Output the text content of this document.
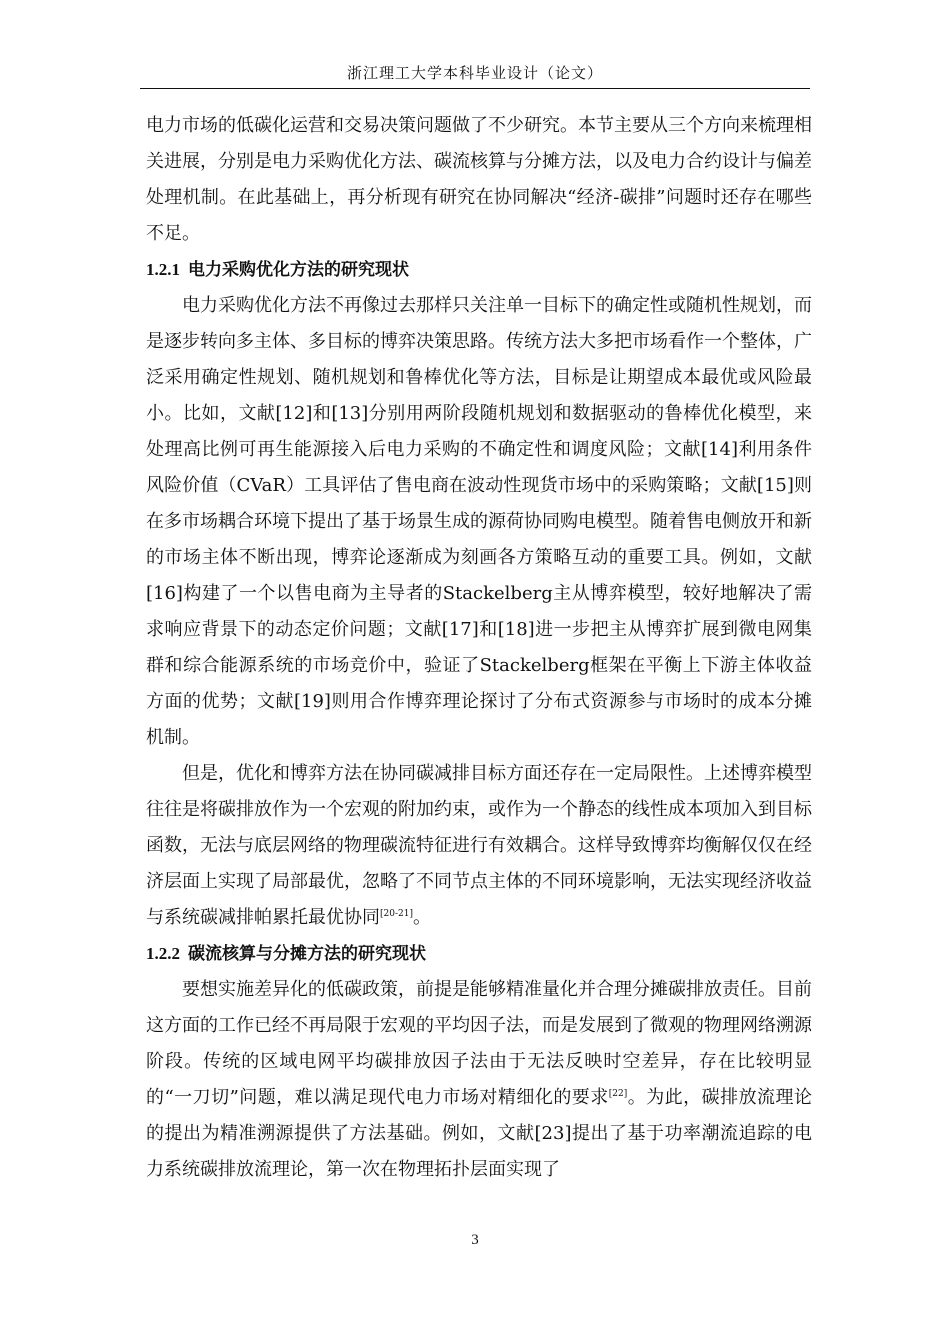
浙江理工大学本科毕业设计（论文）

电力市场的低碳化运营和交易决策问题做了不少研究。本节主要从三个方向来梳理相关进展，分别是电力采购优化方法、碳流核算与分摊方法，以及电力合约设计与偏差处理机制。在此基础上，再分析现有研究在协同解决“经济-碳排”问题时还存在哪些不足。

1.2.1 电力采购优化方法的研究现状

电力采购优化方法不再像过去那样只关注单一目标下的确定性或随机性规划，而是逐步转向多主体、多目标的博弈决策思路。传统方法大多把市场看作一个整体，广泛采用确定性规划、随机规划和鲁棒优化等方法，目标是让期望成本最优或风险最小。比如，文献[12]和[13]分别用两阶段随机规划和数据驱动的鲁棒优化模型，来处理高比例可再生能源接入后电力采购的不确定性和调度风险；文献[14]利用条件风险价值（CVaR）工具评估了售电商在波动性现货市场中的采购策略；文献[15]则在多市场耦合环境下提出了基于场景生成的源荷协同购电模型。随着售电侧放开和新的市场主体不断出现，博弈论逐渐成为刻画各方策略互动的重要工具。例如，文献[16]构建了一个以售电商为主导者的Stackelberg主从博弈模型，较好地解决了需求响应背景下的动态定价问题；文献[17]和[18]进一步把主从博弈扩展到微电网集群和综合能源系统的市场竞价中，验证了Stackelberg框架在平衡上下游主体收益方面的优势；文献[19]则用合作博弈理论探讨了分布式资源参与市场时的成本分摊机制。

但是，优化和博弈方法在协同碳减排目标方面还存在一定局限性。上述博弈模型往往是将碳排放作为一个宏观的附加约束，或作为一个静态的线性成本项加入到目标函数，无法与底层网络的物理碳流特征进行有效耦合。这样导致博弈均衡解仅仅在经济层面上实现了局部最优，忽略了不同节点主体的不同环境影响，无法实现经济收益与系统碳减排帕累托最优协同[20-21]。

1.2.2 碳流核算与分摊方法的研究现状

要想实施差异化的低碳政策，前提是能够精准量化并合理分摊碳排放责任。目前这方面的工作已经不再局限于宏观的平均因子法，而是发展到了微观的物理网络溯源阶段。传统的区域电网平均碳排放因子法由于无法反映时空差异，存在比较明显的“一刀切”问题，难以满足现代电力市场对精细化的要求[22]。为此，碳排放流理论的提出为精准溯源提供了方法基础。例如，文献[23]提出了基于功率潮流追踪的电力系统碳排放流理论，第一次在物理拓扑层面实现了

3
